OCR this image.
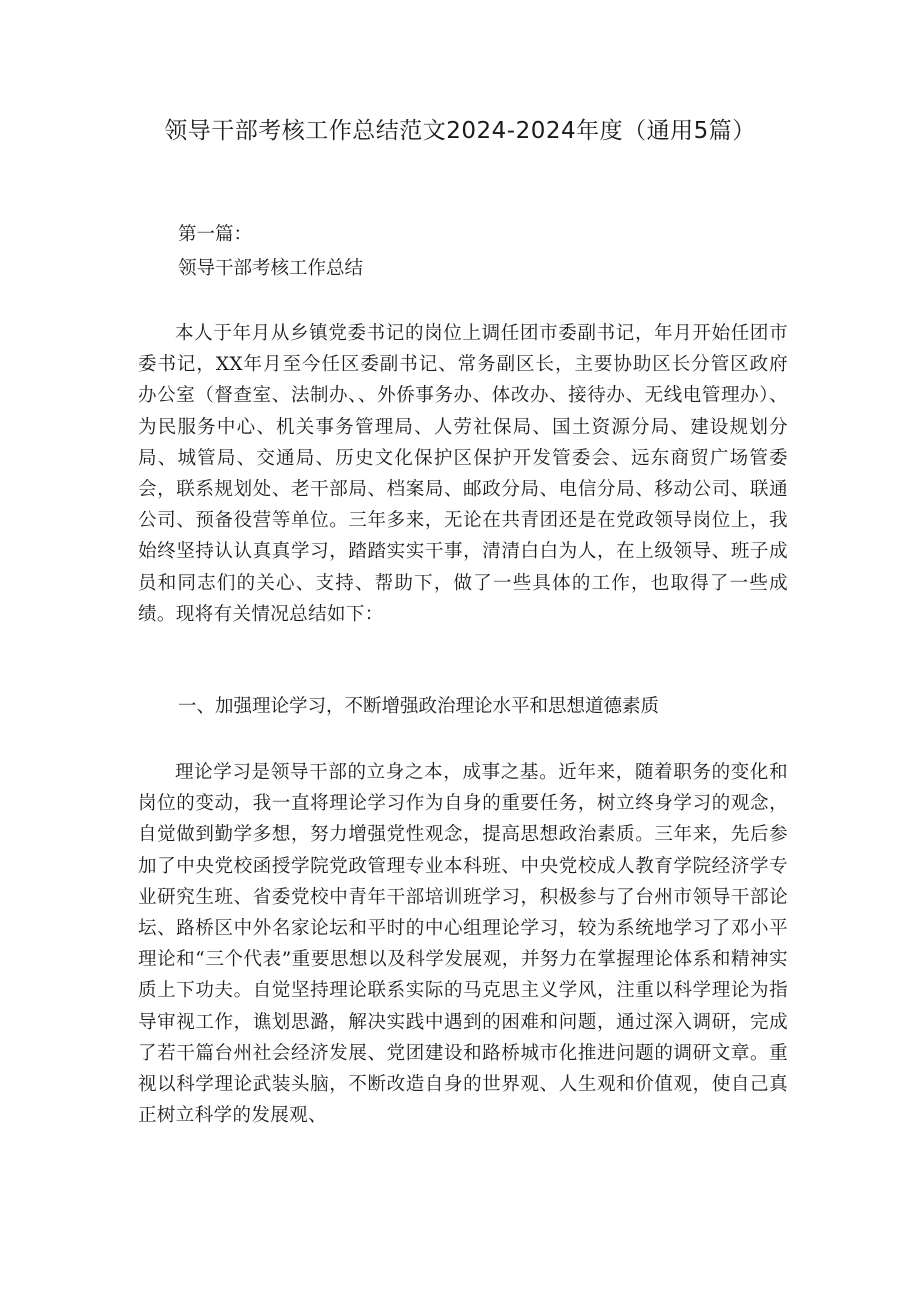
领导干部考核工作总结范文2024-2024年度（通用5篇）
第一篇：
领导干部考核工作总结

本人于年月从乡镇党委书记的岗位上调任团市委副书记，年月开始任团市委书记，XX年月至今任区委副书记、常务副区长，主要协助区长分管区政府办公室（督查室、法制办、、外侨事务办、体改办、接待办、无线电管理办）、为民服务中心、机关事务管理局、人劳社保局、国土资源分局、建设规划分局、城管局、交通局、历史文化保护区保护开发管委会、远东商贸广场管委会，联系规划处、老干部局、档案局、邮政分局、电信分局、移动公司、联通公司、预备役营等单位。三年多来，无论在共青团还是在党政领导岗位上，我始终坚持认认真真学习，踏踏实实干事，清清白白为人，在上级领导、班子成员和同志们的关心、支持、帮助下，做了一些具体的工作，也取得了一些成绩。现将有关情况总结如下：

一、加强理论学习，不断增强政治理论水平和思想道德素质

理论学习是领导干部的立身之本，成事之基。近年来，随着职务的变化和岗位的变动，我一直将理论学习作为自身的重要任务，树立终身学习的观念，自觉做到勤学多想，努力增强党性观念，提高思想政治素质。三年来，先后参加了中央党校函授学院党政管理专业本科班、中央党校成人教育学院经济学专业研究生班、省委党校中青年干部培训班学习，积极参与了台州市领导干部论坛、路桥区中外名家论坛和平时的中心组理论学习，较为系统地学习了邓小平理论和“三个代表”重要思想以及科学发展观，并努力在掌握理论体系和精神实质上下功夫。自觉坚持理论联系实际的马克思主义学风，注重以科学理论为指导审视工作，谯划思潞，解决实践中遇到的困难和问题，通过深入调研，完成了若干篇台州社会经济发展、党团建设和路桥城市化推进问题的调研文章。重视以科学理论武装头脑，不断改造自身的世界观、人生观和价值观，使自己真正树立科学的发展观、
